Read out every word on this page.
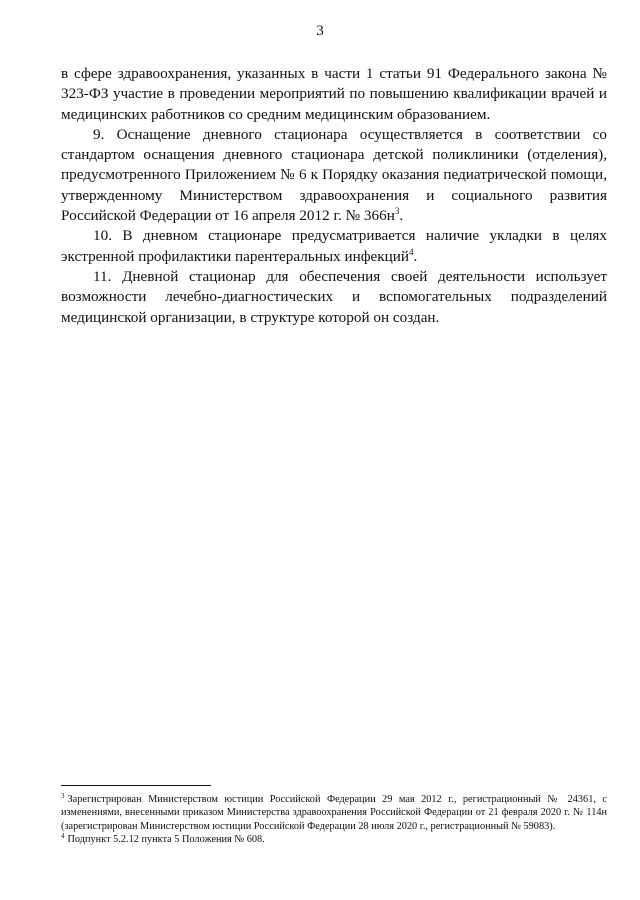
3

в сфере здравоохранения, указанных в части 1 статьи 91 Федерального закона № 323-ФЗ участие в проведении мероприятий по повышению квалификации врачей и медицинских работников со средним медицинским образованием.

9. Оснащение дневного стационара осуществляется в соответствии со стандартом оснащения дневного стационара детской поликлиники (отделения), предусмотренного Приложением № 6 к Порядку оказания педиатрической помощи, утвержденному Министерством здравоохранения и социального развития Российской Федерации от 16 апреля 2012 г. № $366н^3$.

10. В дневном стационаре предусматривается наличие укладки в целях экстренной профилактики парентеральных инфекций$^4$.

11. Дневной стационар для обеспечения своей деятельности использует возможности лечебно-диагностических и вспомогательных подразделений медицинской организации, в структуре которой он создан.

$^3$ Зарегистрирован Министерством юстиции Российской Федерации 29 мая 2012 г., регистрационный № 24361, с изменениями, внесенными приказом Министерства здравоохранения Российской Федерации от 21 февраля 2020 г. № 114н (зарегистрирован Министерством юстиции Российской Федерации 28 июля 2020 г., регистрационный № 59083).

$^4$ Подпункт 5.2.12 пункта 5 Положения № 608.
